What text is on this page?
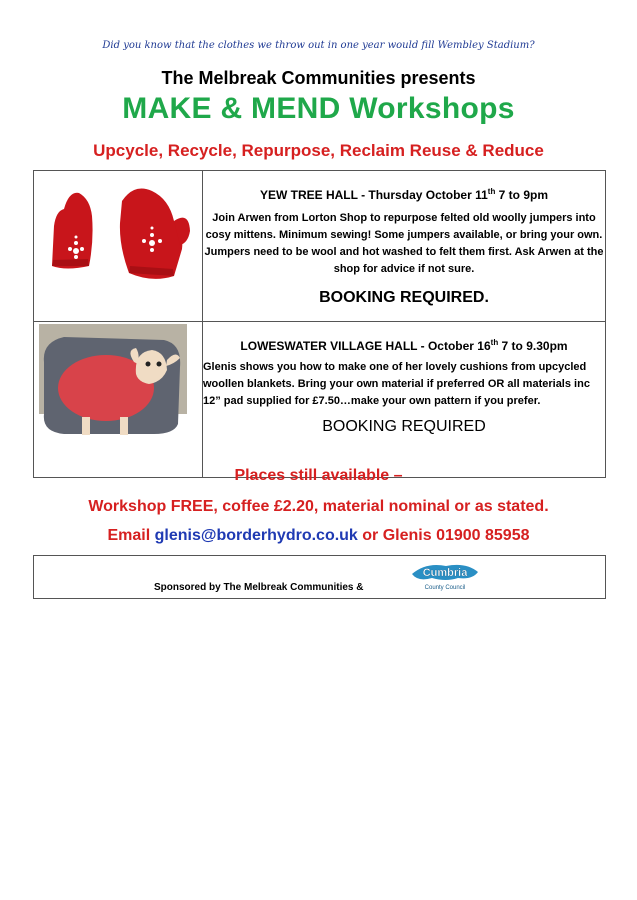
Did you know that the clothes we throw out in one year would fill Wembley Stadium?
The Melbreak Communities presents
MAKE & MEND Workshops
Upcycle, Recycle, Repurpose, Reclaim Reuse & Reduce

YEW TREE HALL - Thursday October 11th 7 to 9pm
Join Arwen from Lorton Shop to repurpose felted old woolly jumpers into cosy mittens. Minimum sewing! Some jumpers available, or bring your own. Jumpers need to be wool and hot washed to felt them first. Ask Arwen at the shop for advice if not sure.
BOOKING REQUIRED.

LOWESWATER VILLAGE HALL - October 16th 7 to 9.30pm
Glenis shows you how to make one of her lovely cushions from upcycled woollen blankets. Bring your own material if preferred OR all materials inc 12” pad supplied for £7.50…make your own pattern if you prefer.
BOOKING REQUIRED
Places still available –
Workshop FREE, coffee £2.20, material nominal or as stated.
Email glenis@borderhydro.co.uk or Glenis 01900 85958
Sponsored by The Melbreak Communities &
Cumbria
County Council
